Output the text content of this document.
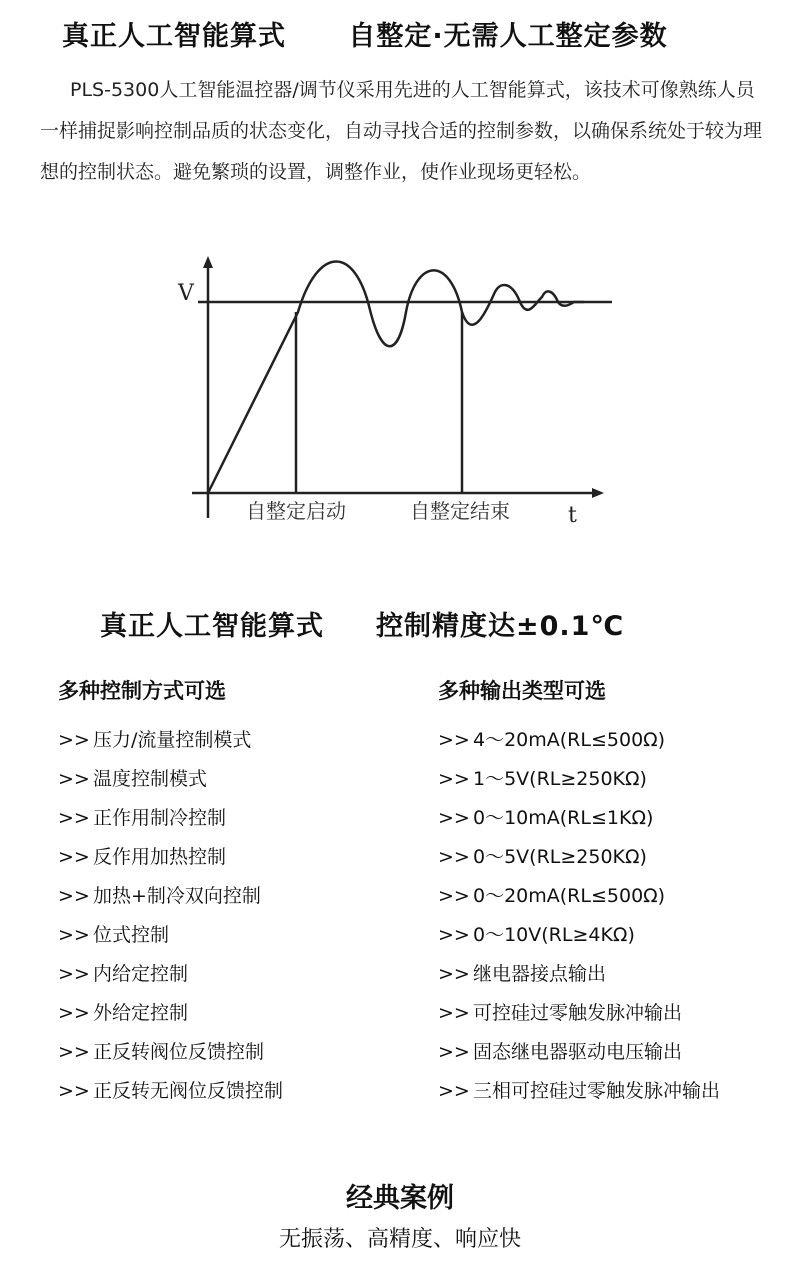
真正人工智能算式      自整定·无需人工整定参数
PLS-5300人工智能温控器/调节仪采用先进的人工智能算式，该技术可像熟练人员一样捕捉影响控制品质的状态变化，自动寻找合适的控制参数，以确保系统处于较为理想的控制状态。避免繁琐的设置，调整作业，使作业现场更轻松。
V
t
自整定启动	自整定结束
真正人工智能算式     控制精度达±0.1℃
多种控制方式可选
>> 压力/流量控制模式
>> 温度控制模式
>> 正作用制冷控制
>> 反作用加热控制
>> 加热+制冷双向控制
>> 位式控制
>> 内给定控制
>> 外给定控制
>> 正反转阀位反馈控制
>> 正反转无阀位反馈控制
多种输出类型可选
>> 4～20mA(RL≤500Ω)
>> 1～5V(RL≥250KΩ)
>> 0～10mA(RL≤1KΩ)
>> 0～5V(RL≥250KΩ)
>> 0～20mA(RL≤500Ω)
>> 0～10V(RL≥4KΩ)
>> 继电器接点输出
>> 可控硅过零触发脉冲输出
>> 固态继电器驱动电压输出
>> 三相可控硅过零触发脉冲输出
经典案例
无振荡、高精度、响应快
